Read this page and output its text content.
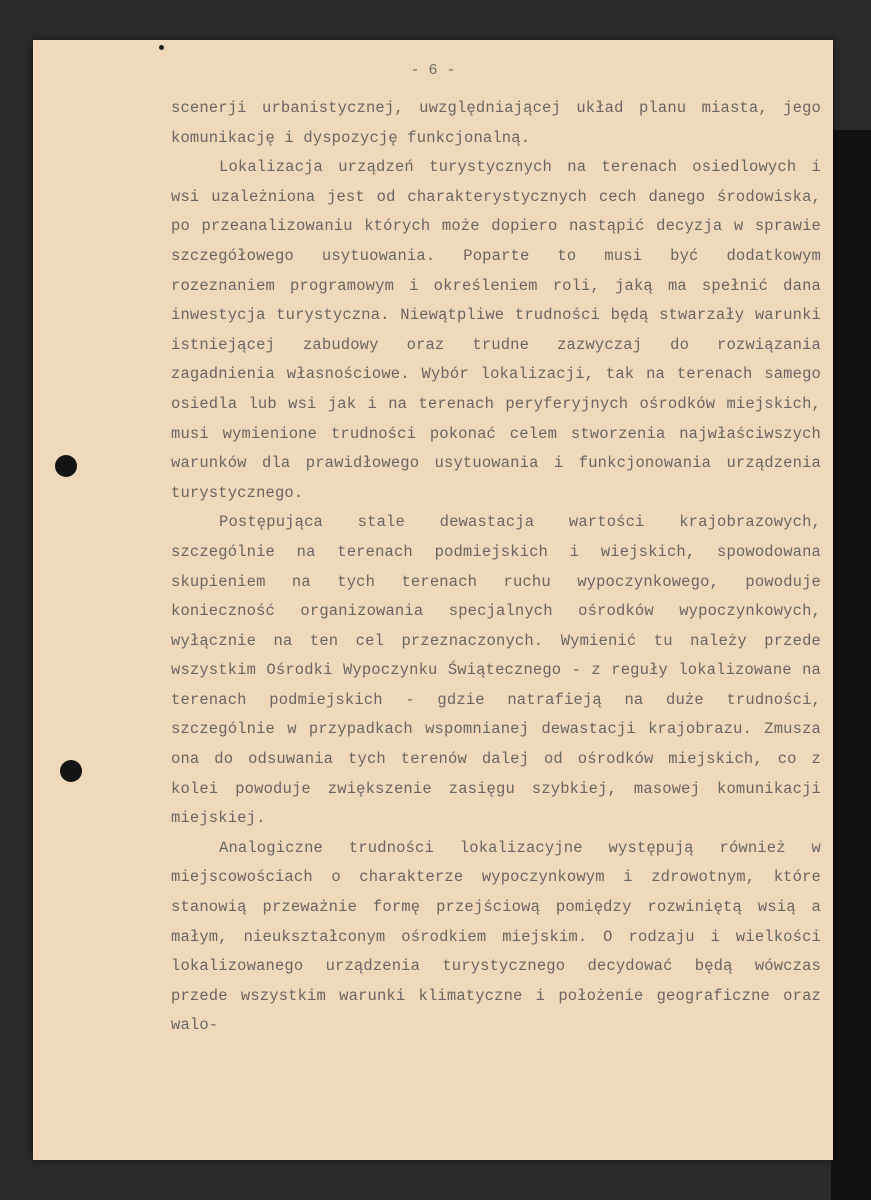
- 6 -

scenerji urbanistycznej, uwzględniającej układ planu miasta, jego komunikację i dyspozycję funkcjonalną.

Lokalizacja urządzeń turystycznych na terenach osiedlowych i wsi uzależniona jest od charakterystycznych cech danego środowiska, po przeanalizowaniu których może dopiero nastąpić decyzja w sprawie szczegółowego usytuowania. Poparte to musi być dodatkowym rozeznaniem programowym i określeniem roli, jaką ma spełnić dana inwestycja turystyczna. Niewątpliwe trudności będą stwarzały warunki istniejącej zabudowy oraz trudne zazwyczaj do rozwiązania zagadnienia własnościowe. Wybór lokalizacji, tak na terenach samego osiedla lub wsi jak i na terenach peryferyjnych ośrodków miejskich, musi wymienione trudności pokonać celem stworzenia najwłaściwszych warunków dla prawidłowego usytuowania i funkcjonowania urządzenia turystycznego.

Postępująca stale dewastacja wartości krajobrazowych, szczególnie na terenach podmiejskich i wiejskich, spowodowana skupieniem na tych terenach ruchu wypoczynkowego, powoduje konieczność organizowania specjalnych ośrodków wypoczynkowych, wyłącznie na ten cel przeznaczonych. Wymienić tu należy przede wszystkim Ośrodki Wypoczynku Świątecznego - z reguły lokalizowane na terenach podmiejskich - gdzie natrafieją na duże trudności, szczególnie w przypadkach wspomnianej dewastacji krajobrazu. Zmusza ona do odsuwania tych terenów dalej od ośrodków miejskich, co z kolei powoduje zwiększenie zasięgu szybkiej, masowej komunikacji miejskiej.

Analogiczne trudności lokalizacyjne występują również w miejscowościach o charakterze wypoczynkowym i zdrowotnym, które stanowią przeważnie formę przejściową pomiędzy rozwiniętą wsią a małym, nieukształconym ośrodkiem miejskim. O rodzaju i wielkości lokalizowanego urządzenia turystycznego decydować będą wówczas przede wszystkim warunki klimatyczne i położenie geograficzne oraz walo-
